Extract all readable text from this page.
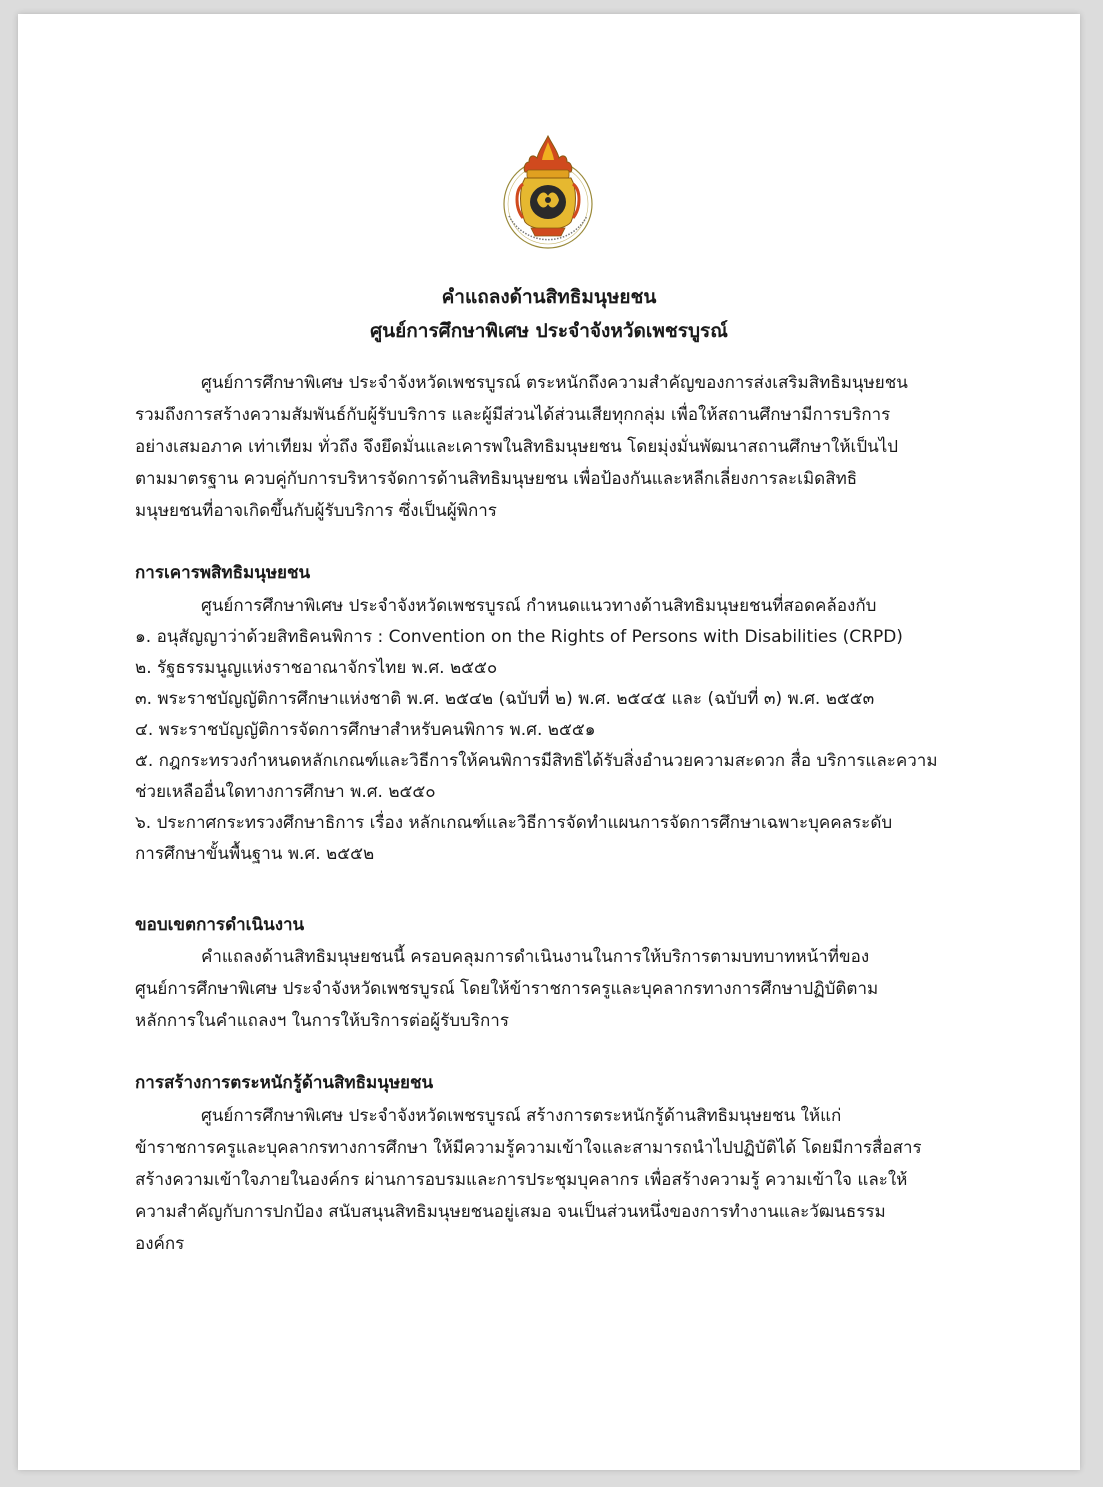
คำแถลงด้านสิทธิมนุษยชน
ศูนย์การศึกษาพิเศษ ประจำจังหวัดเพชรบูรณ์
ศูนย์การศึกษาพิเศษ ประจำจังหวัดเพชรบูรณ์ ตระหนักถึงความสำคัญของการส่งเสริมสิทธิมนุษยชน
รวมถึงการสร้างความสัมพันธ์กับผู้รับบริการ และผู้มีส่วนได้ส่วนเสียทุกกลุ่ม เพื่อให้สถานศึกษามีการบริการ
อย่างเสมอภาค เท่าเทียม ทั่วถึง จึงยึดมั่นและเคารพในสิทธิมนุษยชน โดยมุ่งมั่นพัฒนาสถานศึกษาให้เป็นไป
ตามมาตรฐาน ควบคู่กับการบริหารจัดการด้านสิทธิมนุษยชน เพื่อป้องกันและหลีกเลี่ยงการละเมิดสิทธิ
มนุษยชนที่อาจเกิดขึ้นกับผู้รับบริการ ซึ่งเป็นผู้พิการ
การเคารพสิทธิมนุษยชน
ศูนย์การศึกษาพิเศษ ประจำจังหวัดเพชรบูรณ์ กำหนดแนวทางด้านสิทธิมนุษยชนที่สอดคล้องกับ
๑. อนุสัญญาว่าด้วยสิทธิคนพิการ : Convention on the Rights of Persons with Disabilities (CRPD)
๒. รัฐธรรมนูญแห่งราชอาณาจักรไทย พ.ศ. ๒๕๕๐
๓. พระราชบัญญัติการศึกษาแห่งชาติ พ.ศ. ๒๕๔๒ (ฉบับที่ ๒) พ.ศ. ๒๕๔๕ และ (ฉบับที่ ๓) พ.ศ. ๒๕๕๓
๔. พระราชบัญญัติการจัดการศึกษาสำหรับคนพิการ พ.ศ. ๒๕๕๑
๕. กฎกระทรวงกำหนดหลักเกณฑ์และวิธีการให้คนพิการมีสิทธิได้รับสิ่งอำนวยความสะดวก สื่อ บริการและความ
ช่วยเหลืออื่นใดทางการศึกษา พ.ศ. ๒๕๕๐
๖. ประกาศกระทรวงศึกษาธิการ เรื่อง หลักเกณฑ์และวิธีการจัดทำแผนการจัดการศึกษาเฉพาะบุคคลระดับ
การศึกษาขั้นพื้นฐาน พ.ศ. ๒๕๕๒
ขอบเขตการดำเนินงาน
คำแถลงด้านสิทธิมนุษยชนนี้ ครอบคลุมการดำเนินงานในการให้บริการตามบทบาทหน้าที่ของ
ศูนย์การศึกษาพิเศษ ประจำจังหวัดเพชรบูรณ์ โดยให้ข้าราชการครูและบุคลากรทางการศึกษาปฏิบัติตาม
หลักการในคำแถลงฯ ในการให้บริการต่อผู้รับบริการ
การสร้างการตระหนักรู้ด้านสิทธิมนุษยชน
ศูนย์การศึกษาพิเศษ ประจำจังหวัดเพชรบูรณ์ สร้างการตระหนักรู้ด้านสิทธิมนุษยชน ให้แก่
ข้าราชการครูและบุคลากรทางการศึกษา ให้มีความรู้ความเข้าใจและสามารถนำไปปฏิบัติได้ โดยมีการสื่อสาร
สร้างความเข้าใจภายในองค์กร ผ่านการอบรมและการประชุมบุคลากร เพื่อสร้างความรู้ ความเข้าใจ และให้
ความสำคัญกับการปกป้อง สนับสนุนสิทธิมนุษยชนอยู่เสมอ จนเป็นส่วนหนึ่งของการทำงานและวัฒนธรรม
องค์กร
